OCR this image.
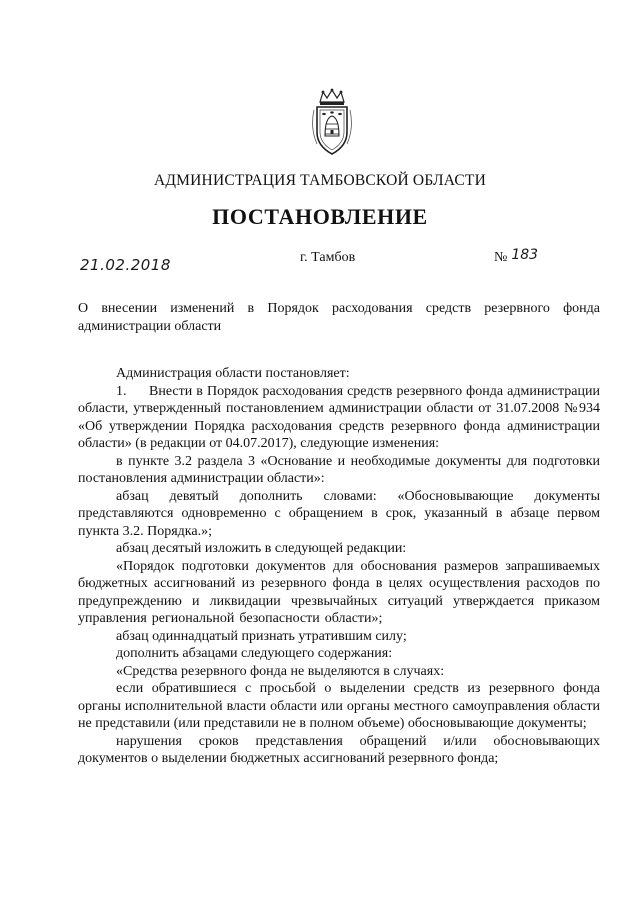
АДМИНИСТРАЦИЯ ТАМБОВСКОЙ ОБЛАСТИ
ПОСТАНОВЛЕНИЕ
21.02.2018	г. Тамбов	№ 183
О внесении изменений в Порядок расходования средств резервного фонда администрации области

Администрация области постановляет:

1. Внести в Порядок расходования средств резервного фонда администрации области, утвержденный постановлением администрации области от 31.07.2008 №934 «Об утверждении Порядка расходования средств резервного фонда администрации области» (в редакции от 04.07.2017), следующие изменения:

в пункте 3.2 раздела 3 «Основание и необходимые документы для подготовки постановления администрации области»:

абзац девятый дополнить словами: «Обосновывающие документы представляются одновременно с обращением в срок, указанный в абзаце первом пункта 3.2. Порядка.»;

абзац десятый изложить в следующей редакции:

«Порядок подготовки документов для обоснования размеров запрашиваемых бюджетных ассигнований из резервного фонда в целях осуществления расходов по предупреждению и ликвидации чрезвычайных ситуаций утверждается приказом управления региональной безопасности области»;

абзац одиннадцатый признать утратившим силу;

дополнить абзацами следующего содержания:

«Средства резервного фонда не выделяются в случаях:

если обратившиеся с просьбой о выделении средств из резервного фонда органы исполнительной власти области или органы местного самоуправления области не представили (или представили не в полном объеме) обосновывающие документы;

нарушения сроков представления обращений и/или обосновывающих документов о выделении бюджетных ассигнований резервного фонда;
